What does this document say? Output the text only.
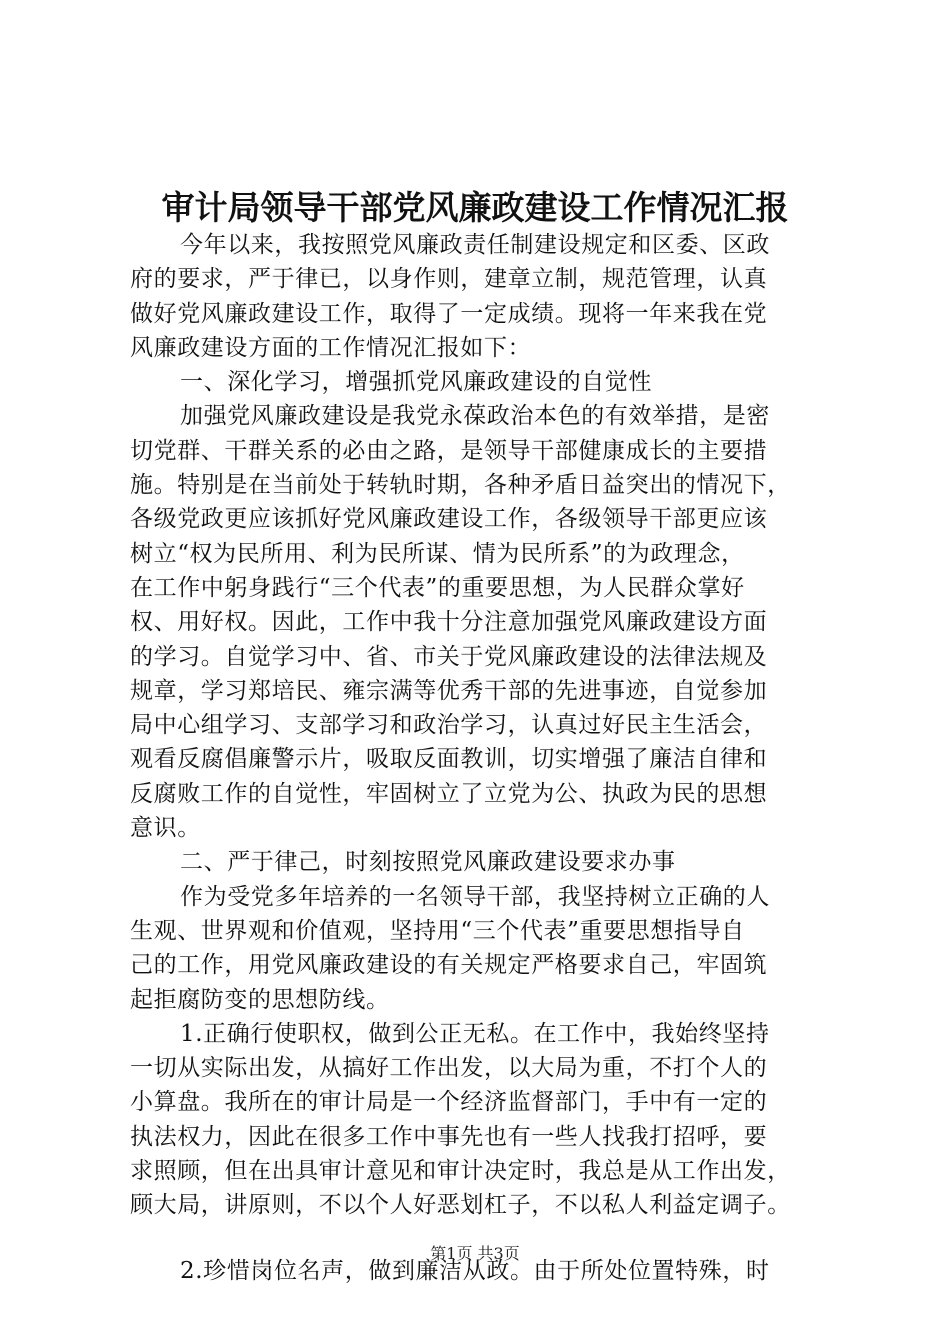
审计局领导干部党风廉政建设工作情况汇报
今年以来，我按照党风廉政责任制建设规定和区委、区政
府的要求，严于律已，以身作则，建章立制，规范管理，认真
做好党风廉政建设工作，取得了一定成绩。现将一年来我在党
风廉政建设方面的工作情况汇报如下：
一、深化学习，增强抓党风廉政建设的自觉性
加强党风廉政建设是我党永葆政治本色的有效举措，是密
切党群、干群关系的必由之路，是领导干部健康成长的主要措
施。特别是在当前处于转轨时期，各种矛盾日益突出的情况下，
各级党政更应该抓好党风廉政建设工作，各级领导干部更应该
树立“权为民所用、利为民所谋、情为民所系”的为政理念，
在工作中躬身践行“三个代表”的重要思想，为人民群众掌好
权、用好权。因此，工作中我十分注意加强党风廉政建设方面
的学习。自觉学习中、省、市关于党风廉政建设的法律法规及
规章，学习郑培民、雍宗满等优秀干部的先进事迹，自觉参加
局中心组学习、支部学习和政治学习，认真过好民主生活会，
观看反腐倡廉警示片，吸取反面教训，切实增强了廉洁自律和
反腐败工作的自觉性，牢固树立了立党为公、执政为民的思想
意识。
二、严于律己，时刻按照党风廉政建设要求办事
作为受党多年培养的一名领导干部，我坚持树立正确的人
生观、世界观和价值观，坚持用“三个代表”重要思想指导自
己的工作，用党风廉政建设的有关规定严格要求自己，牢固筑
起拒腐防变的思想防线。
1.正确行使职权，做到公正无私。在工作中，我始终坚持
一切从实际出发，从搞好工作出发，以大局为重，不打个人的
小算盘。我所在的审计局是一个经济监督部门，手中有一定的
执法权力，因此在很多工作中事先也有一些人找我打招呼，要
求照顾，但在出具审计意见和审计决定时，我总是从工作出发，
顾大局，讲原则，不以个人好恶划杠子，不以私人利益定调子。
2.珍惜岗位名声，做到廉洁从政。由于所处位置特殊，时
第1页 共3页
